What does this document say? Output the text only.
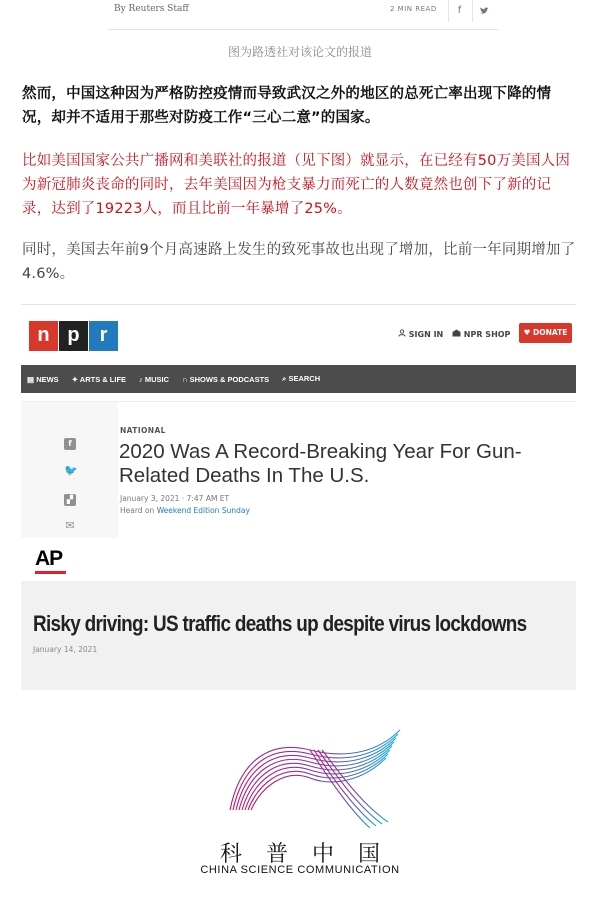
By Reuters Staff	2 MIN READ	f
图为路透社对该论文的报道

然而，中国这种因为严格防控疫情而导致武汉之外的地区的总死亡率出现下降的情况，却并不适用于那些对防疫工作“三心二意”的国家。

比如美国国家公共广播网和美联社的报道（见下图）就显示，在已经有50万美国人因为新冠肺炎丧命的同时，去年美国因为枪支暴力而死亡的人数竟然也创下了新的记录，达到了19223人，而且比前一年暴增了25%。

同时，美国去年前9个月高速路上发生的致死事故也出现了增加，比前一年同期增加了4.6%。

n p r	SIGN IN	NPR SHOP	♥ DONATE
▤ NEWS ✦ ARTS & LIFE ♪ MUSIC ∩ SHOWS & PODCASTS ⌕ SEARCH
f
🐦
▞
✉
NATIONAL
2020 Was A Record-Breaking Year For Gun-Related Deaths In The U.S.
January 3, 2021 · 7:47 AM ET
Heard on Weekend Edition Sunday
AP
Risky driving: US traffic deaths up despite virus lockdowns
January 14, 2021
科普中国
CHINA SCIENCE COMMUNICATION
